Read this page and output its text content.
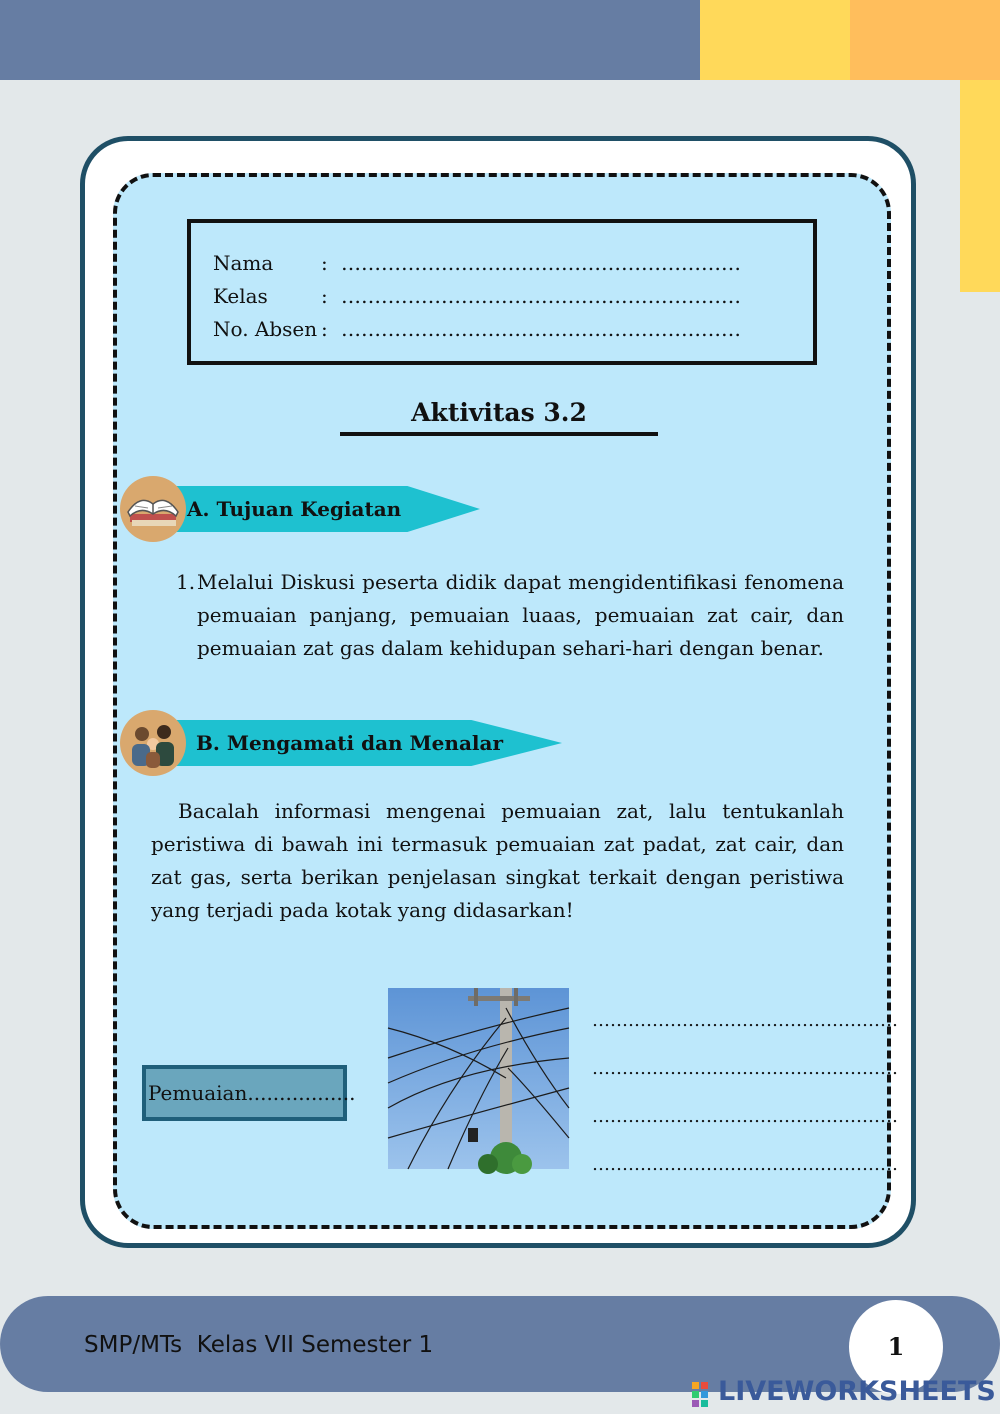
Nama : ……………………………………………………
Kelas	: ……………………………………………………
No. Absen : ……………………………………………………
Aktivitas 3.2
A. Tujuan Kegiatan
1. Melalui Diskusi peserta didik dapat mengidentifikasi fenomena pemuaian panjang, pemuaian luaas, pemuaian zat cair, dan pemuaian zat gas dalam kehidupan sehari-hari dengan benar.
B. Mengamati dan Menalar
Bacalah informasi mengenai pemuaian zat, lalu tentukanlah peristiwa di bawah ini termasuk pemuaian zat padat, zat cair, dan zat gas, serta berikan penjelasan singkat terkait dengan peristiwa yang terjadi pada kotak yang didasarkan!
Pemuaian.................
……………………………………………
……………………………………………
……………………………………………
……………………………………………
SMP/MTs  Kelas VII Semester 1	1
LIVEWORKSHEETS
